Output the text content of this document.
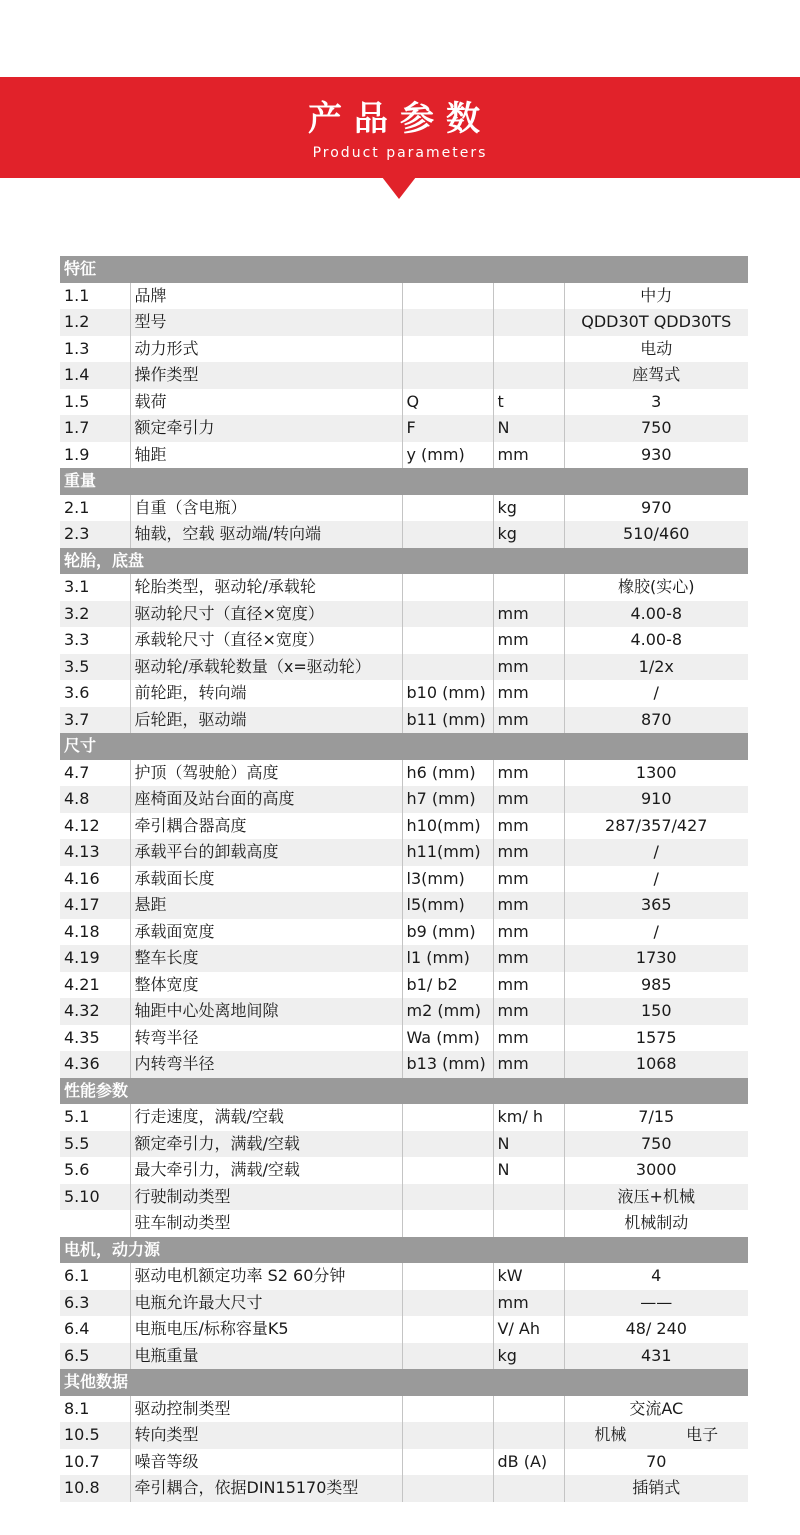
产品参数
Product parameters
特征				
1.1	品牌			中力
1.2	型号			QDD30T QDD30TS
1.3	动力形式			电动
1.4	操作类型			座驾式
1.5	载荷	Q	t	3
1.7	额定牵引力	F	N	750
1.9	轴距	y (mm)	mm	930
重量				
2.1	自重（含电瓶）		kg	970
2.3	轴载，空载 驱动端/转向端		kg	510/460
轮胎，底盘				
3.1	轮胎类型，驱动轮/承载轮			橡胶(实心)
3.2	驱动轮尺寸（直径×宽度）		mm	4.00-8
3.3	承载轮尺寸（直径×宽度）		mm	4.00-8
3.5	驱动轮/承载轮数量（x=驱动轮）		mm	1/2x
3.6	前轮距，转向端	b10 (mm)	mm	/
3.7	后轮距，驱动端	b11 (mm)	mm	870
尺寸				
4.7	护顶（驾驶舱）高度	h6 (mm)	mm	1300
4.8	座椅面及站台面的高度	h7 (mm)	mm	910
4.12	牵引耦合器高度	h10(mm)	mm	287/357/427
4.13	承载平台的卸载高度	h11(mm)	mm	/
4.16	承载面长度	l3(mm)	mm	/
4.17	悬距	l5(mm)	mm	365
4.18	承载面宽度	b9 (mm)	mm	/
4.19	整车长度	l1 (mm)	mm	1730
4.21	整体宽度	b1/ b2	mm	985
4.32	轴距中心处离地间隙	m2 (mm)	mm	150
4.35	转弯半径	Wa (mm)	mm	1575
4.36	内转弯半径	b13 (mm)	mm	1068
性能参数				
5.1	行走速度，满载/空载		km/ h	7/15
5.5	额定牵引力，满载/空载		N	750
5.6	最大牵引力，满载/空载		N	3000
5.10	行驶制动类型			液压+机械
	驻车制动类型			机械制动
电机，动力源				
6.1	驱动电机额定功率 S2 60分钟		kW	4
6.3	电瓶允许最大尺寸		mm	——
6.4	电瓶电压/标称容量K5		V/ Ah	48/ 240
6.5	电瓶重量		kg	431
其他数据				
8.1	驱动控制类型			交流AC
10.5	转向类型			机械 电子

10.7	噪音等级		dB (A)	70
10.8	牵引耦合，依据DIN15170类型			插销式
